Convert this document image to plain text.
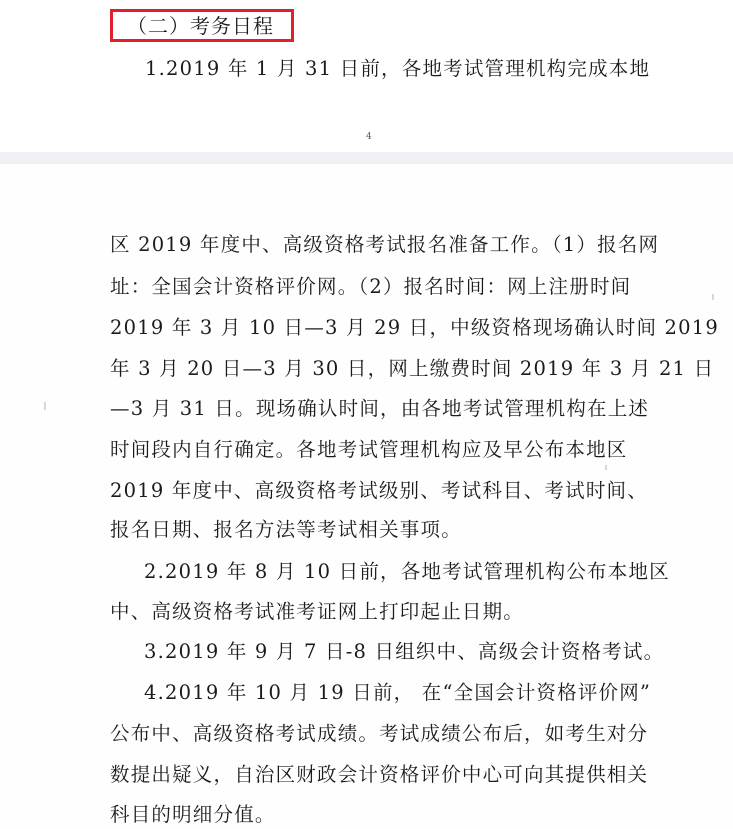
（二）考务日程
1.2019 年 1 月 31 日前，各地考试管理机构完成本地
4
区 2019 年度中、高级资格考试报名准备工作。（1）报名网
址：全国会计资格评价网。（2）报名时间：网上注册时间
2019 年 3 月 10 日—3 月 29 日，中级资格现场确认时间 2019
年 3 月 20 日—3 月 30 日，网上缴费时间 2019 年 3 月 21 日
—3 月 31 日。现场确认时间，由各地考试管理机构在上述
时间段内自行确定。各地考试管理机构应及早公布本地区
2019 年度中、高级资格考试级别、考试科目、考试时间、
报名日期、报名方法等考试相关事项。
2.2019 年 8 月 10 日前，各地考试管理机构公布本地区
中、高级资格考试准考证网上打印起止日期。
3.2019 年 9 月 7 日-8 日组织中、高级会计资格考试。
4.2019 年 10 月 19 日前， 在“全国会计资格评价网”
公布中、高级资格考试成绩。考试成绩公布后，如考生对分
数提出疑义，自治区财政会计资格评价中心可向其提供相关
科目的明细分值。
